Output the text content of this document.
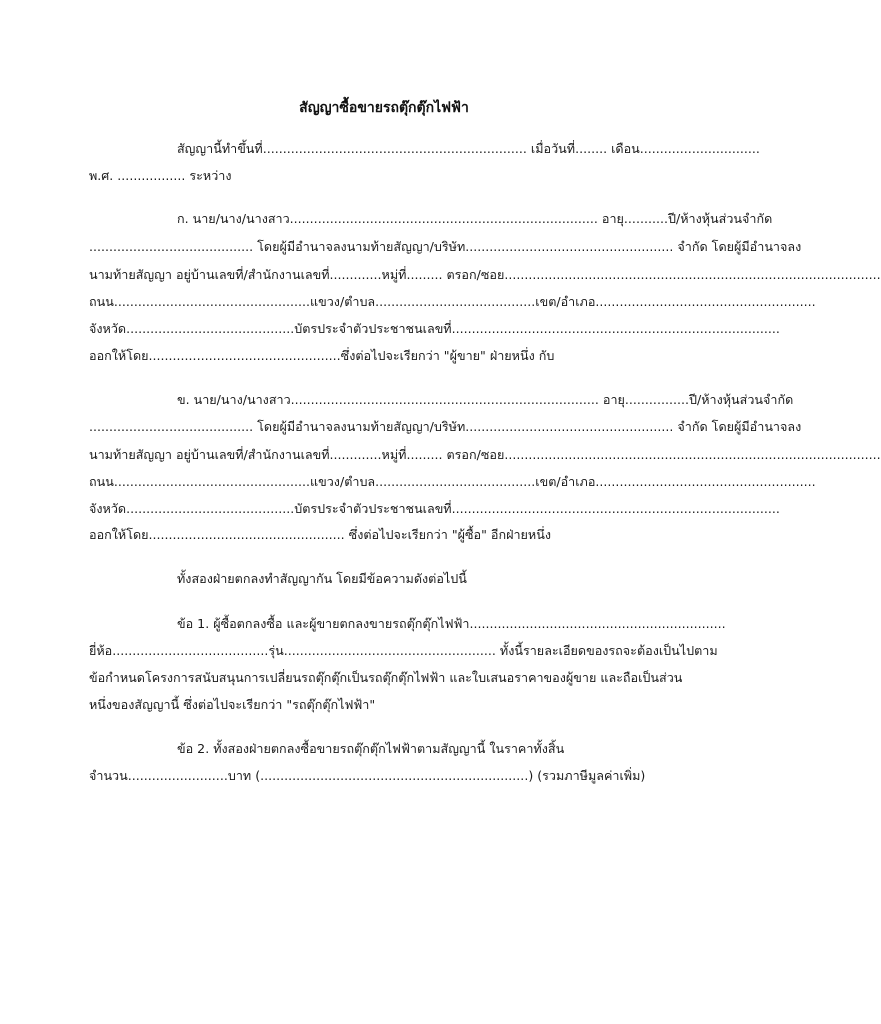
สัญญาซื้อขายรถตุ๊กตุ๊กไฟฟ้า
สัญญานี้ทำขึ้นที่.................................................................. เมื่อวันที่........ เดือน..............................
พ.ศ. ................. ระหว่าง
ก. นาย/นาง/นางสาว............................................................................. อายุ...........ปี/ห้างหุ้นส่วนจำกัด
......................................... โดยผู้มีอำนาจลงนามท้ายสัญญา/บริษัท.................................................... จำกัด โดยผู้มีอำนาจลง
นามท้ายสัญญา อยู่บ้านเลขที่/สำนักงานเลขที่.............หมู่ที่......... ตรอก/ซอย..............................................................................................
ถนน.................................................แขวง/ตำบล........................................เขต/อำเภอ.......................................................
จังหวัด..........................................บัตรประจำตัวประชาชนเลขที่..................................................................................
ออกให้โดย................................................ซึ่งต่อไปจะเรียกว่า "ผู้ขาย" ฝ่ายหนึ่ง กับ
ข. นาย/นาง/นางสาว............................................................................. อายุ................ปี/ห้างหุ้นส่วนจำกัด
......................................... โดยผู้มีอำนาจลงนามท้ายสัญญา/บริษัท.................................................... จำกัด โดยผู้มีอำนาจลง
นามท้ายสัญญา อยู่บ้านเลขที่/สำนักงานเลขที่.............หมู่ที่......... ตรอก/ซอย..............................................................................................
ถนน.................................................แขวง/ตำบล........................................เขต/อำเภอ.......................................................
จังหวัด..........................................บัตรประจำตัวประชาชนเลขที่..................................................................................
ออกให้โดย................................................. ซึ่งต่อไปจะเรียกว่า "ผู้ซื้อ" อีกฝ่ายหนึ่ง
ทั้งสองฝ่ายตกลงทำสัญญากัน โดยมีข้อความดังต่อไปนี้
ข้อ 1. ผู้ซื้อตกลงซื้อ และผู้ขายตกลงขายรถตุ๊กตุ๊กไฟฟ้า................................................................
ยี่ห้อ.......................................รุ่น..................................................... ทั้งนี้รายละเอียดของรถจะต้องเป็นไปตาม
ข้อกำหนดโครงการสนับสนุนการเปลี่ยนรถตุ๊กตุ๊กเป็นรถตุ๊กตุ๊กไฟฟ้า และใบเสนอราคาของผู้ขาย และถือเป็นส่วน
หนึ่งของสัญญานี้ ซึ่งต่อไปจะเรียกว่า "รถตุ๊กตุ๊กไฟฟ้า"
ข้อ 2. ทั้งสองฝ่ายตกลงซื้อขายรถตุ๊กตุ๊กไฟฟ้าตามสัญญานี้ ในราคาทั้งสิ้น
จำนวน.........................บาท (...................................................................) (รวมภาษีมูลค่าเพิ่ม)
